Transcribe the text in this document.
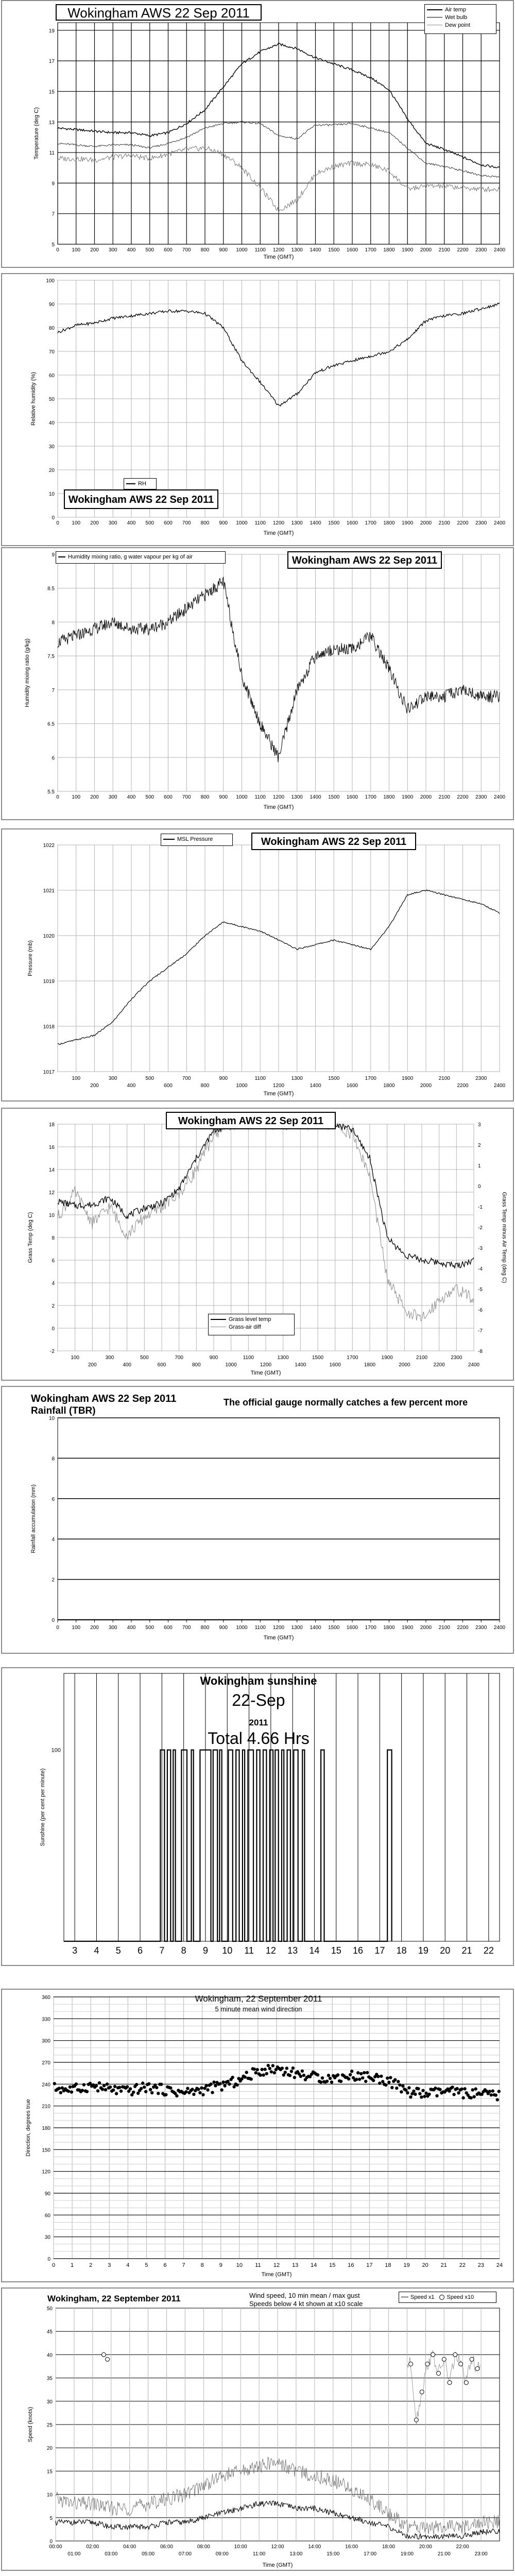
0 100 200 300 400 500 600 700 800 900 1000 1100 1200 1300 1400 1500 1600 1700 1800 1900 2000 2100 2200 2300 2400
5
7
9
11
13
15
17
19
Temperature (deg C)
Time (GMT)
Wokingham AWS 22 Sep 2011	Air temp
Wet bulb
Dew point
0 100 200 300 400 500 600 700 800 900 1000 1100 1200 1300 1400 1500 1600 1700 1800 1900 2000 2100 2200 2300 2400
0
10
20
30
40
50
60
70
80
90
100
Relative humidity (%)
Time (GMT)
Wokingham AWS 22 Sep 2011
RH
0 100 200 300 400 500 600 700 800 900 1000 1100 1200 1300 1400 1500 1600 1700 1800 1900 2000 2100 2200 2300 2400
5.5
6
6.5
7
7.5
8
8.5
9
Humidity mixing ratio (g/kg)
Time (GMT)
Humidity mixing ratio, g water vapour per kg of air	Wokingham AWS 22 Sep 2011
1017
1018
1019
1020
1021
1022
100
200
300
400
500
600
700
800
900
1000
1100
1200
1300
1400
1500
1600
1700
1800
1900
2000
2100
2200
2300
2400
Pressure (mb)
Time (GMT)
MSL Pressure	Wokingham AWS 22 Sep 2011
-2
0
2
4
6
8
10
12
14
16
18
100
200
300
400
500
600
700
800
900
1000
1100
1200
1300
1400
1500
1600
1700
1800
1900
2000
2100
2200
2300
2400
-8
-7
-6
-5
-4
-3
-2
-1
0
1
2
3
Grass Temp (deg C)	Grass Temp minus Air Temp (deg C)
Time (GMT)
Wokingham AWS 22 Sep 2011
Grass level temp
Grass-air diff
0
2
4
6
8
10
0 100 200 300 400 500 600 700 800 900 1000 1100 1200 1300 1400 1500 1600 1700 1800 1900 2000 2100 2200 2300 2400
Rainfall accumulation (mm)
Time (GMT)
Wokingham AWS 22 Sep 2011
Rainfall (TBR)
The official gauge normally catches a few percent more
3 4 5 6 7 8 9 10 11 12 13 14 15 16 17 18 19 20 21 22
100
Sunshine (per cent per minute)
Wokingham sunshine
22-Sep
2011
Total 4.66 Hrs
0	1	2	3	4	5	6	7	8	9 10 11 12 13 14 15 16 17 18 19 20 21 22 23 24
0
30
60
90
120
150
180
210
240
270
300
330
360
Direction, degrees true
Time (GMT)
Wokingham, 22 September 2011
5 minute mean wind direction
0
5
10
15
20
25
30
35
40
45
50
00:00	02:00	04:00	06:00	08:00	10:00	12:00	14:00	16:00	18:00	20:00	22:00
01:00	03:00	05:00	07:00	09:00	11:00	13:00	15:00	17:00	19:00	21:00	23:00
Speed (knots)
Time (GMT)
Wokingham, 22 September 2011	Wind speed, 10 min mean / max gust
Speeds below 4 kt shown at x10 scale
Speed x1 Speed x10
